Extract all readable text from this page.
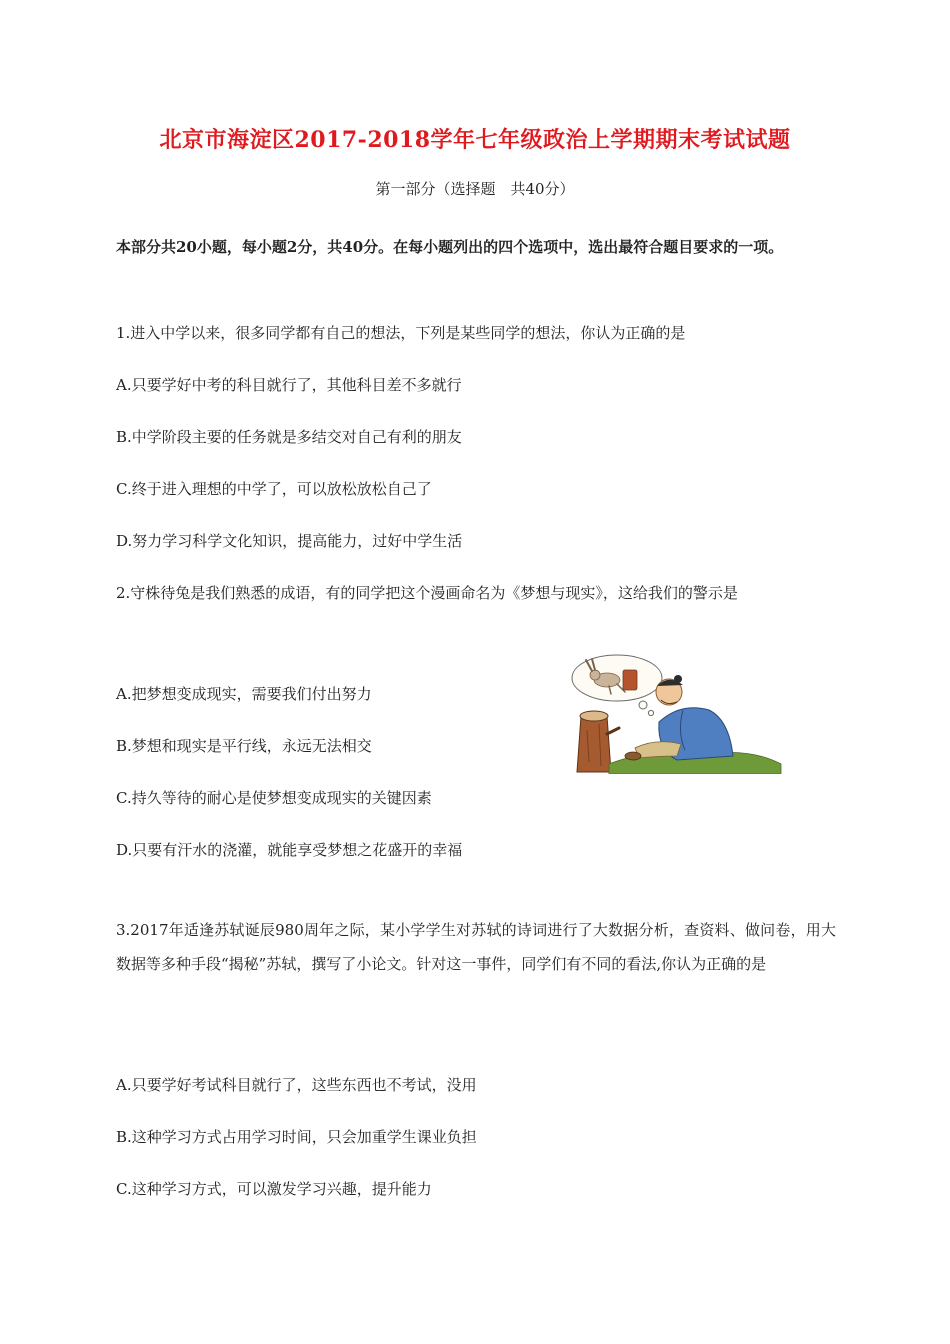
北京市海淀区2017-2018学年七年级政治上学期期末考试试题
第一部分（选择题　共40分）
本部分共20小题，每小题2分，共40分。在每小题列出的四个选项中，选出最符合题目要求的一项。
1.进入中学以来，很多同学都有自己的想法，下列是某些同学的想法，你认为正确的是
A.只要学好中考的科目就行了，其他科目差不多就行
B.中学阶段主要的任务就是多结交对自己有利的朋友
C.终于进入理想的中学了，可以放松放松自己了
D.努力学习科学文化知识，提高能力，过好中学生活
2.守株待兔是我们熟悉的成语，有的同学把这个漫画命名为《梦想与现实》，这给我们的警示是
A.把梦想变成现实，需要我们付出努力
B.梦想和现实是平行线，永远无法相交
C.持久等待的耐心是使梦想变成现实的关键因素
D.只要有汗水的浇灌，就能享受梦想之花盛开的幸福
3.2017年适逢苏轼诞辰980周年之际，某小学学生对苏轼的诗词进行了大数据分析，查资料、做问卷，用大数据等多种手段“揭秘”苏轼，撰写了小论文。针对这一事件，同学们有不同的看法,你认为正确的是
A.只要学好考试科目就行了，这些东西也不考试，没用
B.这种学习方式占用学习时间，只会加重学生课业负担
C.这种学习方式，可以激发学习兴趣，提升能力
